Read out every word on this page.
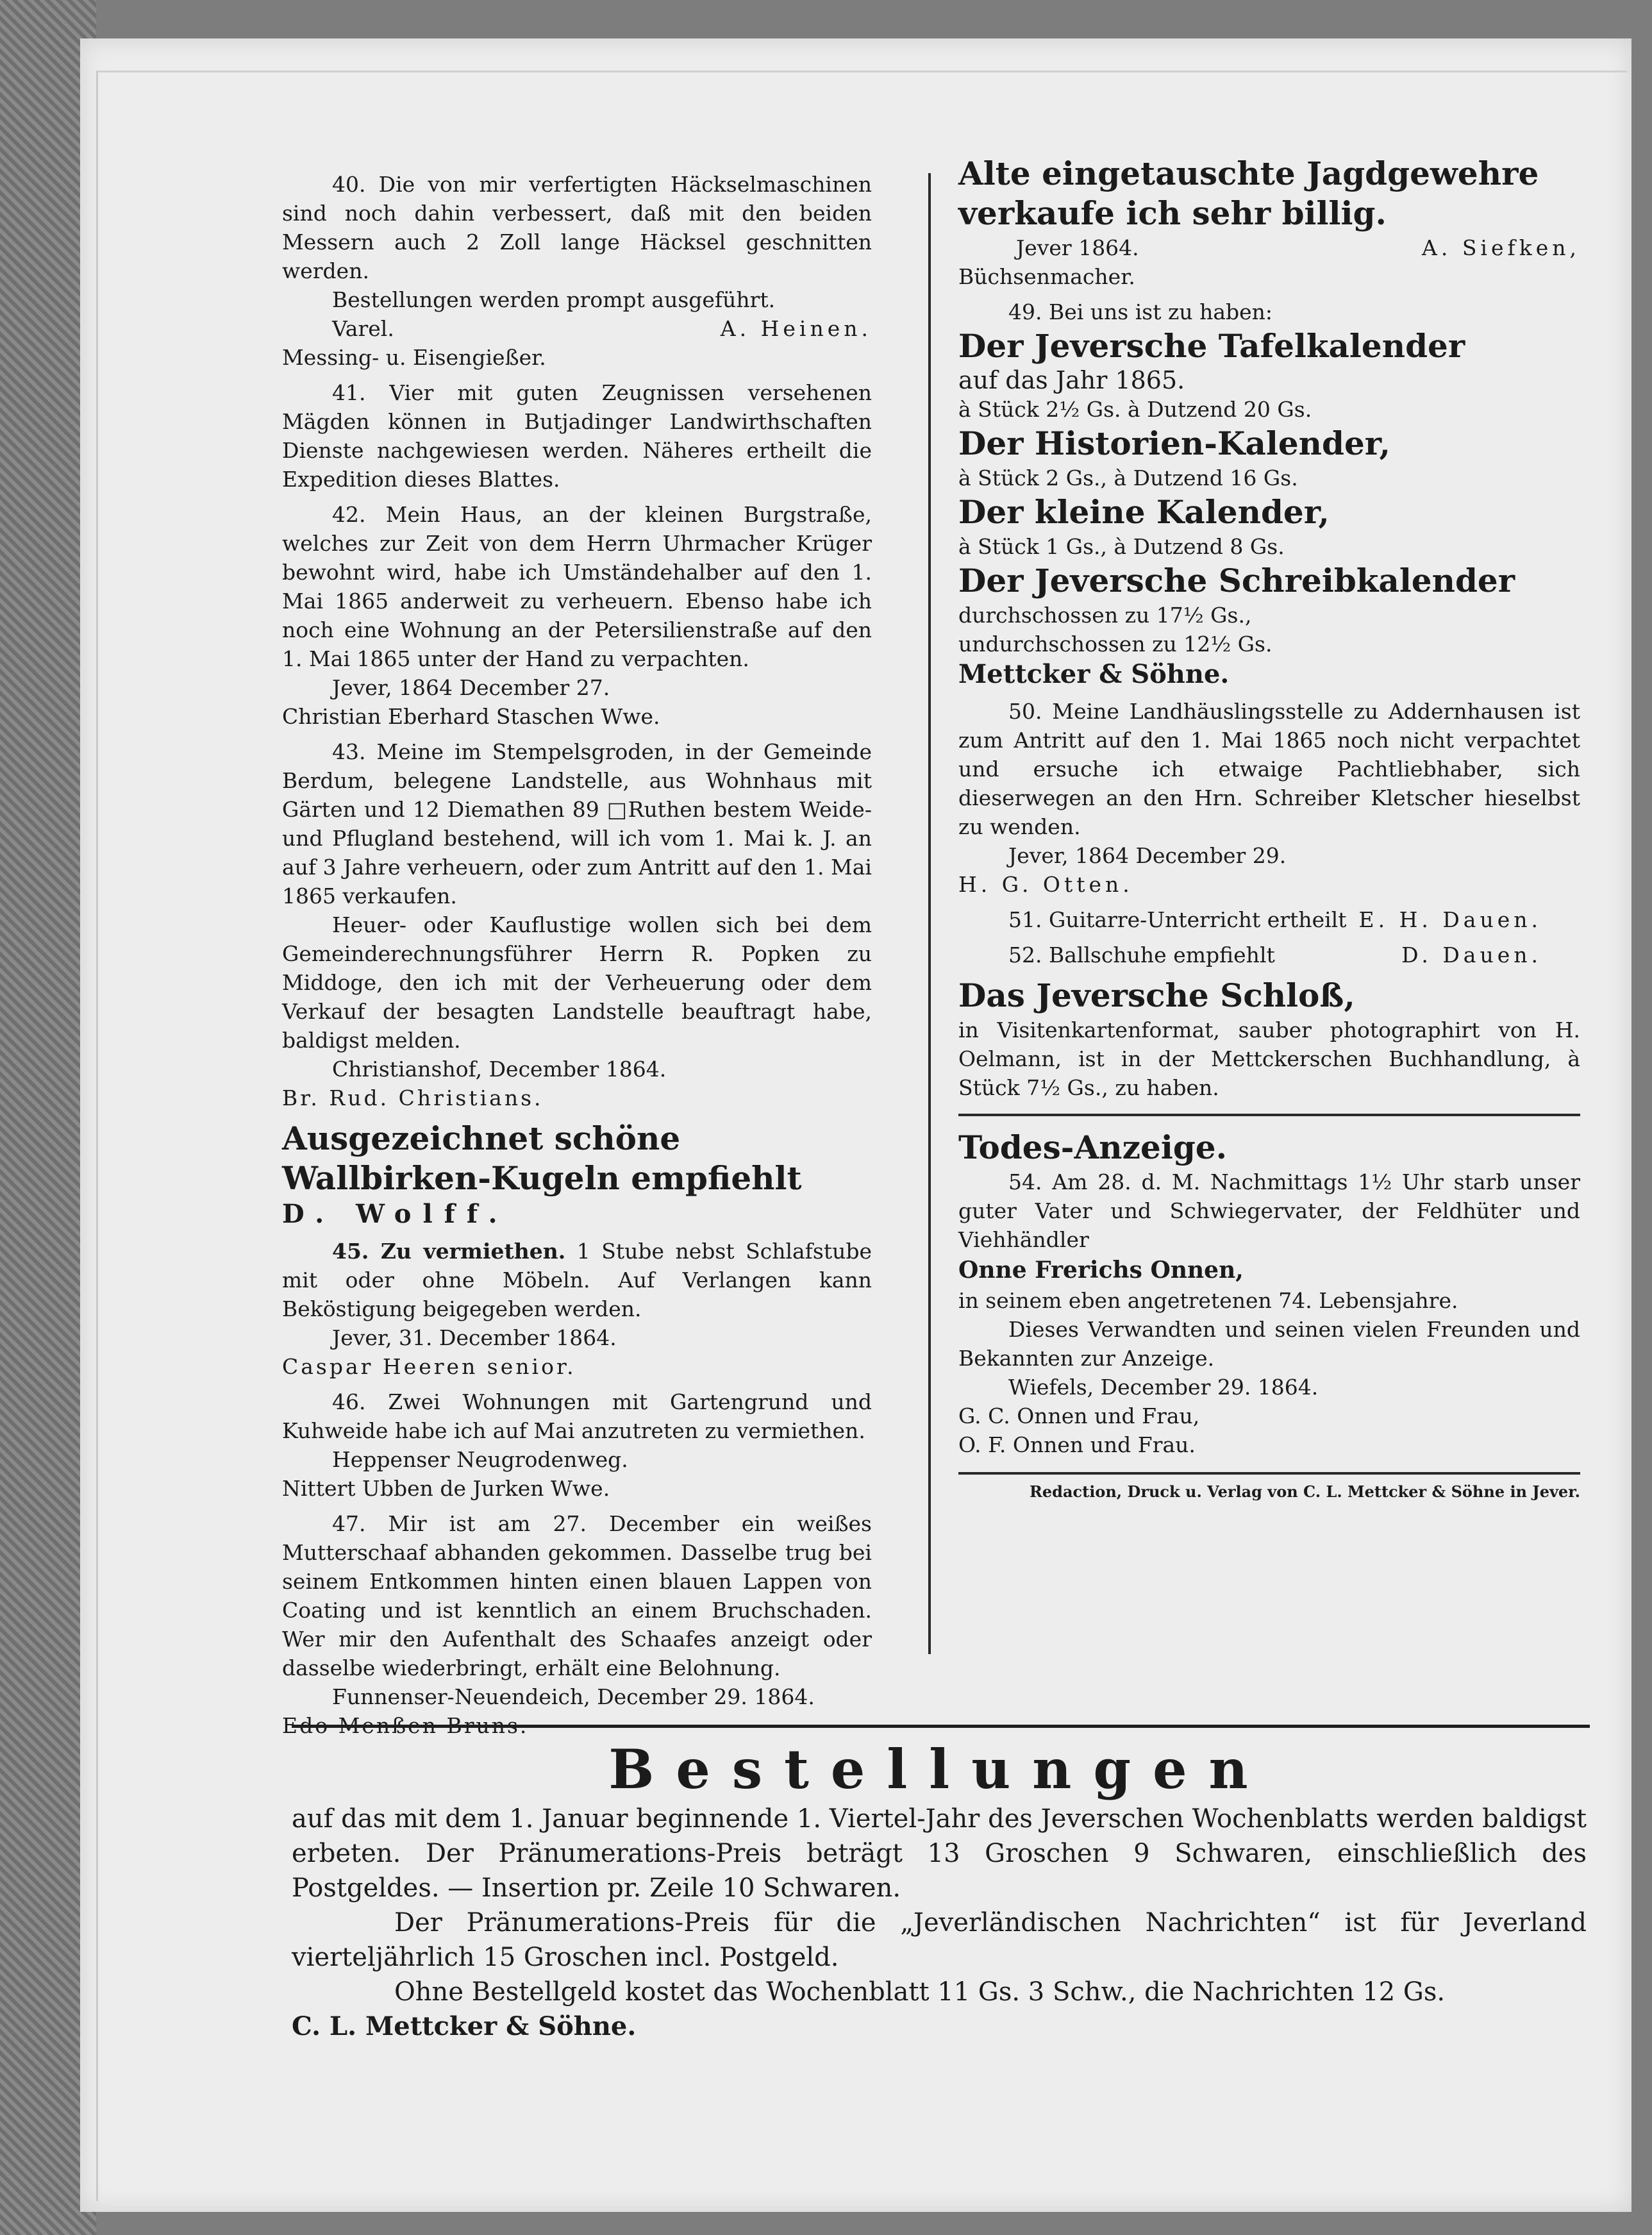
40. Die von mir verfertigten Häckselmaschinen sind noch dahin verbessert, daß mit den beiden Messern auch 2 Zoll lange Häcksel geschnitten werden.

Bestellungen werden prompt ausgeführt.

Varel.	A. Heinen.

Messing- u. Eisengießer.

41. Vier mit guten Zeugnissen versehenen Mägden können in Butjadinger Landwirthschaften Dienste nachgewiesen werden. Näheres ertheilt die Expedition dieses Blattes.

42. Mein Haus, an der kleinen Burgstraße, welches zur Zeit von dem Herrn Uhrmacher Krüger bewohnt wird, habe ich Umständehalber auf den 1. Mai 1865 anderweit zu verheuern. Ebenso habe ich noch eine Wohnung an der Petersilienstraße auf den 1. Mai 1865 unter der Hand zu verpachten.

Jever, 1864 December 27.

Christian Eberhard Staschen Wwe.

43. Meine im Stempelsgroden, in der Gemeinde Berdum, belegene Landstelle, aus Wohnhaus mit Gärten und 12 Diemathen 89 □Ruthen bestem Weide- und Pflugland bestehend, will ich vom 1. Mai k. J. an auf 3 Jahre verheuern, oder zum Antritt auf den 1. Mai 1865 verkaufen.

Heuer- oder Kauflustige wollen sich bei dem Gemeinderechnungsführer Herrn R. Popken zu Middoge, den ich mit der Verheuerung oder dem Verkauf der besagten Landstelle beauftragt habe, baldigst melden.

Christianshof, December 1864.

Br. Rud. Christians.

Ausgezeichnet schöne Wallbirken-Kugeln empfiehlt

D. Wolff.

45. Zu vermiethen. 1 Stube nebst Schlafstube mit oder ohne Möbeln. Auf Verlangen kann Beköstigung beigegeben werden.

Jever, 31. December 1864.

Caspar Heeren senior.

46. Zwei Wohnungen mit Gartengrund und Kuhweide habe ich auf Mai anzutreten zu vermiethen.

Heppenser Neugrodenweg.

Nittert Ubben de Jurken Wwe.

47. Mir ist am 27. December ein weißes Mutterschaaf abhanden gekommen. Dasselbe trug bei seinem Entkommen hinten einen blauen Lappen von Coating und ist kenntlich an einem Bruchschaden. Wer mir den Aufenthalt des Schaafes anzeigt oder dasselbe wiederbringt, erhält eine Belohnung.

Funnenser-Neuendeich, December 29. 1864.

Edo Menßen Bruns.

Alte eingetauschte Jagdgewehre verkaufe ich sehr billig.

Jever 1864.	A. Siefken,

Büchsenmacher.

49. Bei uns ist zu haben:

Der Jeversche Tafelkalender

auf das Jahr 1865.

à Stück 2½ Gs. à Dutzend 20 Gs.

Der Historien-Kalender,

à Stück 2 Gs., à Dutzend 16 Gs.

Der kleine Kalender,

à Stück 1 Gs., à Dutzend 8 Gs.

Der Jeversche Schreibkalender

durchschossen zu 17½ Gs.,

undurchschossen zu 12½ Gs.

Mettcker & Söhne.

50. Meine Landhäuslingsstelle zu Addernhausen ist zum Antritt auf den 1. Mai 1865 noch nicht verpachtet und ersuche ich etwaige Pachtliebhaber, sich dieserwegen an den Hrn. Schreiber Kletscher hieselbst zu wenden.

Jever, 1864 December 29.

H. G. Otten.

51. Guitarre-Unterricht ertheilt E. H. Dauen.

52. Ballschuhe empfiehlt	D. Dauen.

Das Jeversche Schloß,

in Visitenkartenformat, sauber photographirt von H. Oelmann, ist in der Mettckerschen Buchhandlung, à Stück 7½ Gs., zu haben.

Todes-Anzeige.

54. Am 28. d. M. Nachmittags 1½ Uhr starb unser guter Vater und Schwiegervater, der Feldhüter und Viehhändler

Onne Frerichs Onnen,

in seinem eben angetretenen 74. Lebensjahre.

Dieses Verwandten und seinen vielen Freunden und Bekannten zur Anzeige.

Wiefels, December 29. 1864.

G. C. Onnen und Frau,

O. F. Onnen und Frau.

Redaction, Druck u. Verlag von C. L. Mettcker & Söhne in Jever.
Bestellungen

auf das mit dem 1. Januar beginnende 1. Viertel-Jahr des Jeverschen Wochenblatts werden baldigst erbeten. Der Pränumerations-Preis beträgt 13 Groschen 9 Schwaren, einschließlich des Postgeldes. — Insertion pr. Zeile 10 Schwaren.

Der Pränumerations-Preis für die „Jeverländischen Nachrichten“ ist für Jeverland vierteljährlich 15 Groschen incl. Postgeld.

Ohne Bestellgeld kostet das Wochenblatt 11 Gs. 3 Schw., die Nachrichten 12 Gs.

C. L. Mettcker & Söhne.
